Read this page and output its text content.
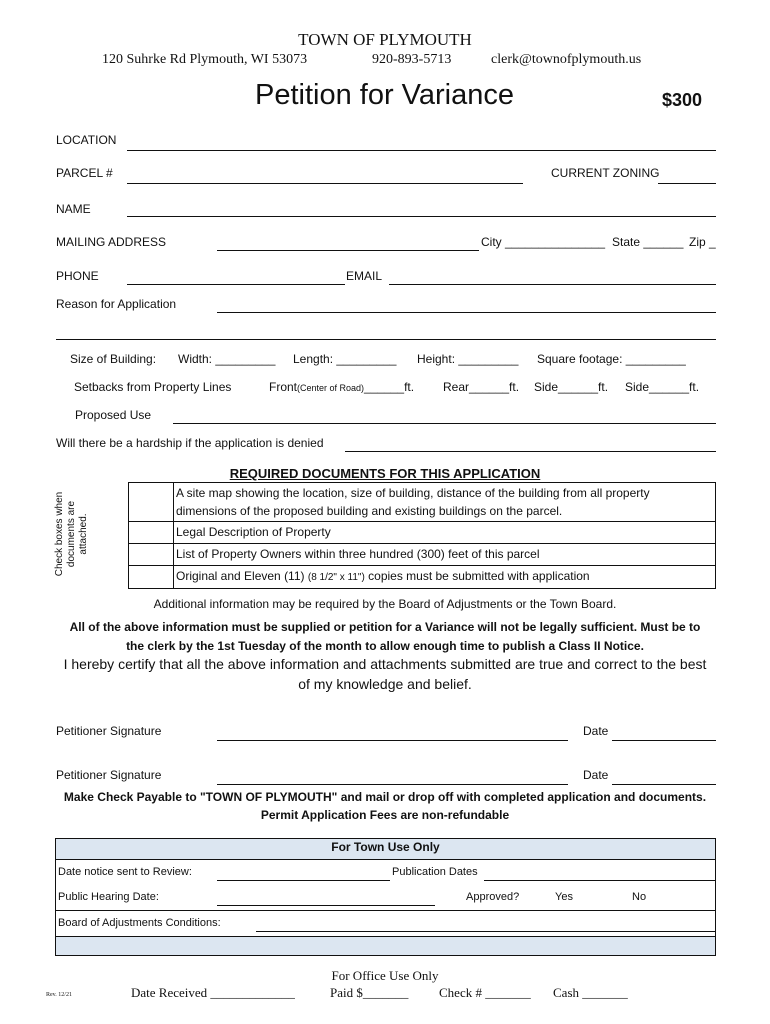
TOWN OF PLYMOUTH
120 Suhrke Rd Plymouth, WI 53073	920-893-5713	clerk@townofplymouth.us
Petition for Variance	$300
LOCATION
PARCEL #	CURRENT ZONING
NAME
MAILING ADDRESS	City _______________ State ______ Zip _
PHONE	EMAIL
Reason for Application
Size of Building: Width: _________ Length: _________ Height: _________ Square footage: _________
Setbacks from Property Lines	Front(Center of Road)______ft. Rear______ft. Side______ft. Side______ft.
Proposed Use
Will there be a hardship if the application is denied
REQUIRED DOCUMENTS FOR THIS APPLICATION
Check boxes when documents are attached.
	A site map showing the location, size of building, distance of the building from all property dimensions of the proposed building and existing buildings on the parcel.
	Legal Description of Property
	List of Property Owners within three hundred (300) feet of this parcel
	Original and Eleven (11) (8 1/2" x 11") copies must be submitted with application
Additional information may be required by the Board of Adjustments or the Town Board.
All of the above information must be supplied or petition for a Variance will not be legally sufficient. Must be to
the clerk by the 1st Tuesday of the month to allow enough time to publish a Class II Notice.
I hereby certify that all the above information and attachments submitted are true and correct to the best
of my knowledge and belief.
Petitioner Signature	Date
Petitioner Signature	Date
Make Check Payable to "TOWN OF PLYMOUTH" and mail or drop off with completed application and documents.
Permit Application Fees are non-refundable
For Town Use Only
Date notice sent to Review:	Publication Dates
Public Hearing Date:	Approved?	Yes	No
Board of Adjustments Conditions:
For Office Use Only
Rev. 12/21	Date Received _____________	Paid $_______ Check # _______ Cash _______
